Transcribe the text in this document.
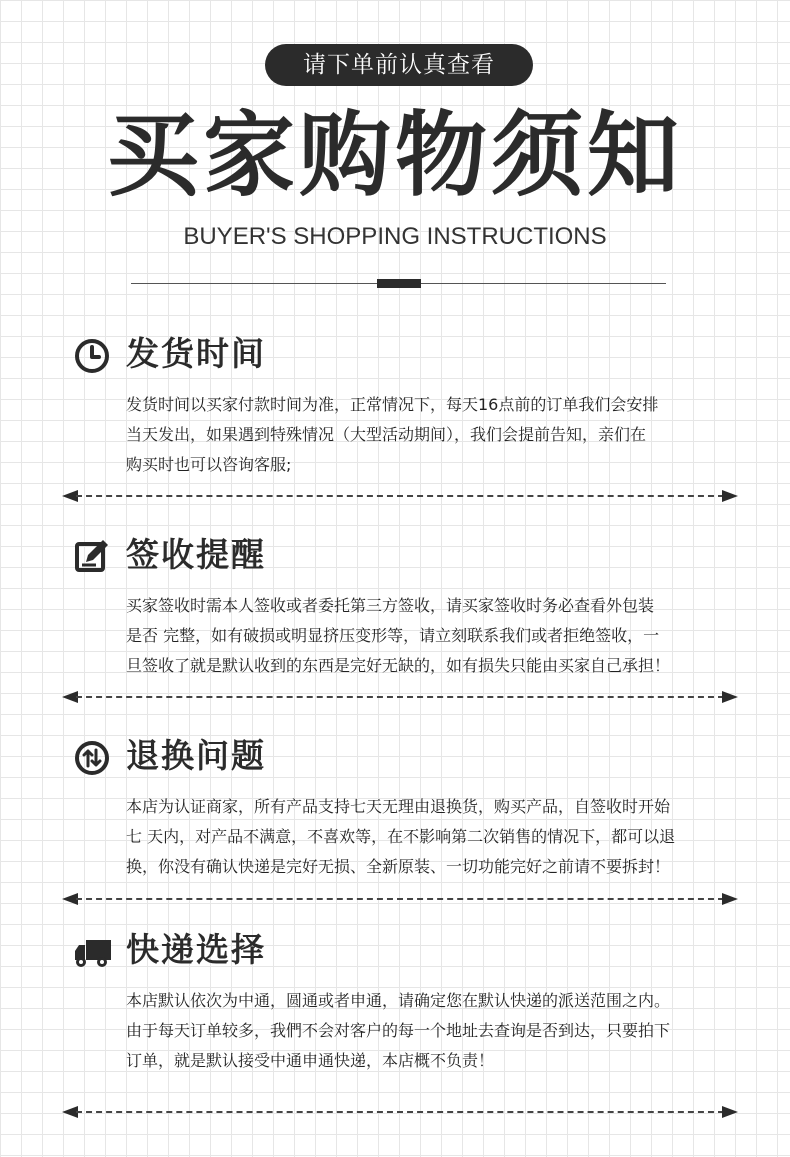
请下单前认真查看
买家购物须知
BUYER'S SHOPPING INSTRUCTIONS
发货时间

发货时间以买家付款时间为准，正常情况下，每天16点前的订单我们会安排

当天发出，如果遇到特殊情况（大型活动期间），我们会提前告知，亲们在

购买时也可以咨询客服;

签收提醒

买家签收时需本人签收或者委托第三方签收，请买家签收时务必查看外包装

是否 完整，如有破损或明显挤压变形等，请立刻联系我们或者拒绝签收，一

旦签收了就是默认收到的东西是完好无缺的，如有损失只能由买家自己承担！

退换问题

本店为认证商家，所有产品支持七天无理由退换货，购买产品，自签收时开始

七 天内，对产品不满意，不喜欢等，在不影响第二次销售的情况下，都可以退

换，你没有确认快递是完好无损、全新原装、一切功能完好之前请不要拆封！

快递选择

本店默认依次为中通，圆通或者申通，请确定您在默认快递的派送范围之内。

由于每天订单较多，我們不会对客户的每一个地址去查询是否到达，只要拍下

订单，就是默认接受中通申通快递，本店概不负责！
